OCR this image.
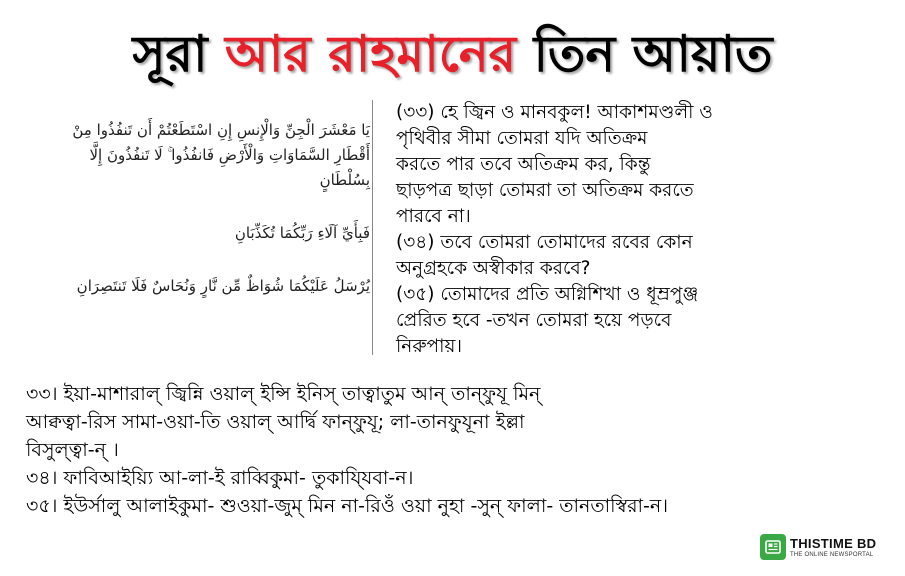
সূরা আর রাহমানের তিন আয়াত

يَا مَعْشَرَ الْجِنِّ وَالْإِنسِ إِنِ اسْتَطَعْتُمْ أَن تَنفُذُوا مِنْ أَقْطَارِ السَّمَاوَاتِ وَالْأَرْضِ فَانفُذُوا ۚ لَا تَنفُذُونَ إِلَّا بِسُلْطَانٍ

فَبِأَيِّ آلَاءِ رَبِّكُمَا تُكَذِّبَانِ

يُرْسَلُ عَلَيْكُمَا شُوَاظٌ مِّن نَّارٍ وَنُحَاسٌ فَلَا تَنتَصِرَانِ

(৩৩) হে জ্বিন ও মানবকুল! আকাশমণ্ডলী ও

পৃথিবীর সীমা তোমরা যদি অতিক্রম

করতে পার তবে অতিক্রম কর, কিন্তু

ছাড়পত্র ছাড়া তোমরা তা অতিক্রম করতে

পারবে না।

(৩৪) তবে তোমরা তোমাদের রবের কোন

অনুগ্রহকে অস্বীকার করবে?

(৩৫) তোমাদের প্রতি অগ্নিশিখা ও ধূম্রপুঞ্জ

প্রেরিত হবে -তখন তোমরা হয়ে পড়বে

নিরুপায়।

৩৩। ইয়া-মাশারাল্ জ্বিন্নি ওয়াল্ ইন্সি ইনিস্ তাত্বাতুম আন্ তান্ফুযূ মিন্

আক্বত্বা-রিস সামা-ওয়া-তি ওয়াল্ আর্দ্বি ফান্ফুযূ; লা-তানফুযূনা ইল্লা

বিসুল্ত্বা-ন্ ।

৩৪। ফাবিআইয়্যি আ-লা-ই রাব্বিকুমা- তুকাযি্যবা-ন।

৩৫। ইউর্সালু আলাইকুমা- শুওয়া-জুম্ মিন না-রিওঁ ওয়া নুহা -সুন্ ফালা- তানতাস্বিরা-ন।

THISTIME BD
THE ONLINE NEWSPORTAL
